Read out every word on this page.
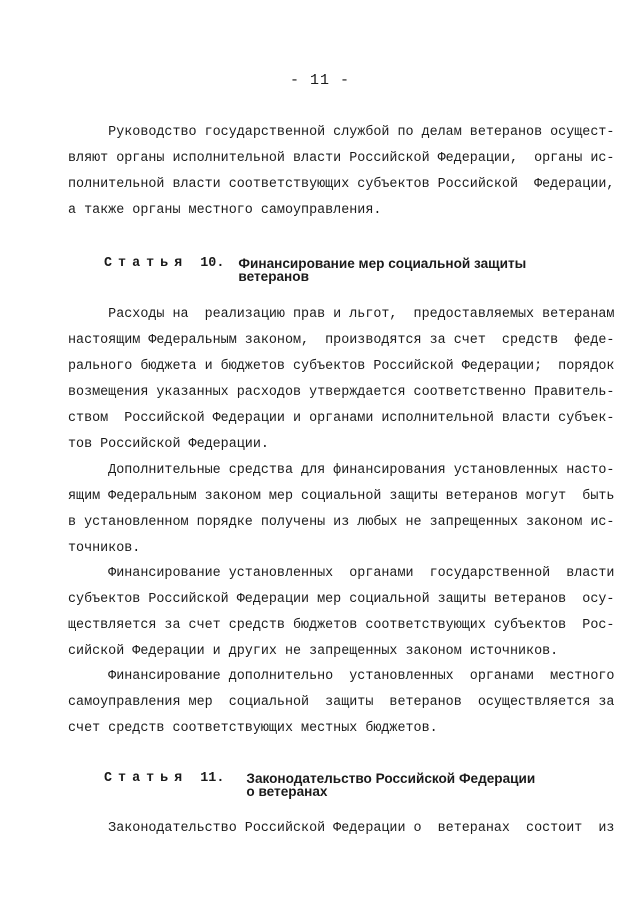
- 11 -
Руководство государственной службой по делам ветеранов осущест-
вляют органы исполнительной власти Российской Федерации,  органы ис-
полнительной власти соответствующих субъектов Российской  Федерации,
а также органы местного самоуправления.
Статья 10. Финансирование мер социальной защиты
ветеранов
Расходы на  реализацию прав и льгот,  предоставляемых ветеранам
настоящим Федеральным законом,  производятся за счет  средств  феде-
рального бюджета и бюджетов субъектов Российской Федерации;  порядок
возмещения указанных расходов утверждается соответственно Правитель-
ством  Российской Федерации и органами исполнительной власти субъек-
тов Российской Федерации.
Дополнительные средства для финансирования установленных насто-
ящим Федеральным законом мер социальной защиты ветеранов могут  быть
в установленном порядке получены из любых не запрещенных законом ис-
точников.
Финансирование установленных  органами  государственной  власти
субъектов Российской Федерации мер социальной защиты ветеранов  осу-
ществляется за счет средств бюджетов соответствующих субъектов  Рос-
сийской Федерации и других не запрещенных законом источников.
Финансирование дополнительно  установленных  органами  местного
самоуправления мер  социальной  защиты  ветеранов  осуществляется за
счет средств соответствующих местных бюджетов.
Статья 11. Законодательство Российской Федерации
о ветеранах
Законодательство Российской Федерации о  ветеранах  состоит  из
